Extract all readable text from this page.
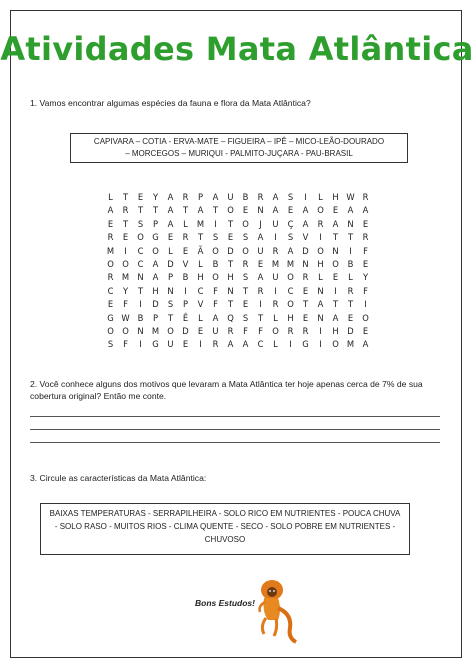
Atividades Mata Atlântica
1. Vamos encontrar algumas espécies da fauna e flora da Mata Atlântica?
CAPIVARA – COTIA - ERVA-MATE – FIGUEIRA – IPÊ – MICO-LEÃO-DOURADO
– MORCEGOS – MURIQUI - PALMITO-JUÇARA - PAU-BRASIL
L	T	E	Y	A	R	P	A	U	B	R	A	S	I	L	H W R
A	R	T	T	A	T	A	T	O	E	N	A	E	A	O	E	A	A
E	T	S	P	A	L	M	I	T	O	J	U	Ç	A	R	A	N	E
R	E	O	G	E	R	T	S	E	S	A	I	S	V	I	T	T	R
M	I	C	O	L	E	Ã	O	D	O	U	R	A	D	O	N	I	F
O	O	C	A	D	V	L	B	T	R	E	M M N	H	O	B	E
R	M N	A	P	B	H	O	H	S	A	U	O	R	L	E	L	Y
C	Y	T	H	N	I	C	F	N	T	R	I	C	E	N	I	R	F
E	F	I	D	S	P	V	F	T	E	I	R	O	T	A	T	T	I
G W B	P	T	Ê	L	A	Q	S	T	L	H	E	N	A	E	O
O	O	N M O	D	E	U	R	F	F	O	R	R	I	H	D	E
S	F	I	G	U	E	I	R	A	A	C	L	I	G	I	O M	A
2. Você conhece alguns dos motivos que levaram a Mata Atlântica ter hoje apenas cerca de 7% de sua cobertura original? Então me conte.
3. Circule as características da Mata Atlântica:
BAIXAS TEMPERATURAS - SERRAPILHEIRA - SOLO RICO EM NUTRIENTES - POUCA CHUVA
- SOLO RASO - MUITOS RIOS - CLIMA QUENTE - SECO - SOLO POBRE EM NUTRIENTES -
CHUVOSO
Bons Estudos!
